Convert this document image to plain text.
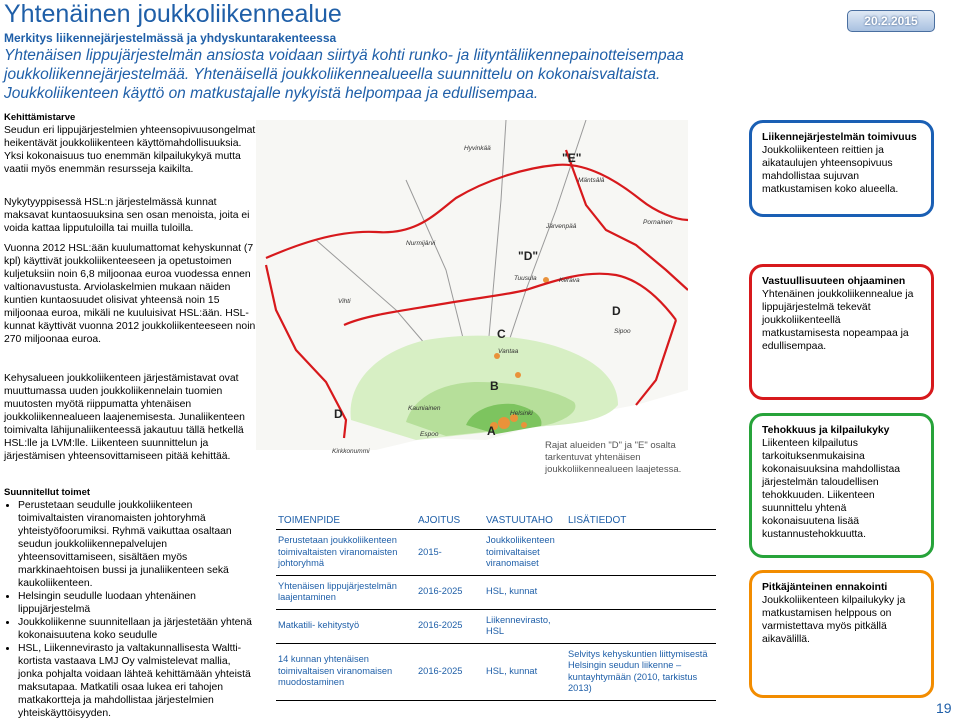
Yhtenäinen joukkoliikennealue
Merkitys liikennejärjestelmässä ja yhdyskuntarakenteessa
Yhtenäisen lippujärjestelmän ansiosta voidaan siirtyä kohti runko- ja liityntäliikennepainotteisempaa
joukkoliikennejärjestelmää. Yhtenäisellä joukkoliikennealueella suunnittelu on kokonaisvaltaista.
Joukkoliikenteen käyttö on matkustajalle nykyistä helpompaa ja edullisempaa.
20.2.2015

Kehittämistarve

Seudun eri lippujärjestelmien yhteensopivuusongelmat heikentävät joukkoliikenteen käyttömahdollisuuksia. Yksi kokonaisuus tuo enemmän kilpailukykyä mutta vaatii myös enemmän resursseja kaikilta.

Nykytyyppisessä HSL:n järjestelmässä kunnat maksavat kuntaosuuksina sen osan menoista, joita ei voida kattaa lipputuloilla tai muilla tuloilla.
Vuonna 2012 HSL:ään kuulumattomat kehyskunnat (7 kpl) käyttivät joukkoliikenteeseen ja opetustoimen kuljetuksiin noin 6,8 miljoonaa euroa vuodessa ennen valtionavustusta. Arviolaskelmien mukaan näiden kuntien kuntaosuudet olisivat yhteensä noin 15 miljoonaa euroa, mikäli ne kuuluisivat HSL:ään. HSL-kunnat käyttivät vuonna 2012 joukkoliikenteeseen noin 270 miljoonaa euroa.
Kehysalueen joukkoliikenteen järjestämistavat ovat muuttumassa uuden joukkoliikennelain tuomien muutosten myötä riippumatta yhtenäisen joukkoliikennealueen laajenemisesta. Junaliikenteen toimivalta lähijunaliikenteessä jakautuu tällä hetkellä HSL:lle ja LVM:lle. Liikenteen suunnittelun ja järjestämisen yhteensovittamiseen pitää kehittää.

Suunnitellut toimet

• Perustetaan seudulle joukkoliikenteen toimivaltaisten viranomaisten johtoryhmä yhteistyöfoorumiksi. Ryhmä vaikuttaa osaltaan seudun joukkoliikennepalvelujen yhteensovittamiseen, sisältäen myös markkinaehtoisen bussi ja junaliikenteen sekä kaukoliikenteen.
• Helsingin seudulle luodaan yhtenäinen lippujärjestelmä
• Joukkoliikenne suunnitellaan ja järjestetään yhtenä kokonaisuutena koko seudulle
• HSL, Liikennevirasto ja valtakunnallisesta Waltti-kortista vastaava LMJ Oy valmistelevat mallia, jonka pohjalta voidaan lähteä kehittämään yhteistä maksutapaa. Matkatili osaa lukea eri tahojen matkakortteja ja mahdollistaa järjestelmien yhteiskäyttöisyyden.
"E"
"D"
D
C
B
A
D
Hyvinkää
Mäntsälä
Nurmijärvi
Järvenpää
Pornainen
Tuusula	Kerava
Vihti
Sipoo
Vantaa
Kauniainen
Helsinki
Espoo
Kirkkonummi
Rajat alueiden "D" ja "E" osalta tarkentuvat yhtenäisen joukkoliikennealueen laajetessa.
Liikennejärjestelmän toimivuus
Joukkoliikenteen reittien ja aikataulujen yhteensopivuus mahdollistaa sujuvan matkustamisen koko alueella.
Vastuullisuuteen ohjaaminen
Yhtenäinen joukkoliikennealue ja lippujärjestelmä tekevät joukkoliikenteellä matkustamisesta nopeampaa ja edullisempaa.
Tehokkuus ja kilpailukyky
Liikenteen kilpailutus tarkoituksenmukaisina kokonaisuuksina mahdollistaa järjestelmän taloudellisen tehokkuuden. Liikenteen suunnittelu yhtenä kokonaisuutena lisää kustannustehokkuutta.
Pitkäjänteinen ennakointi
Joukkoliikenteen kilpailukyky ja matkustamisen helppous on varmistettava myös pitkällä aikavälillä.
TOIMENPIDE	AJOITUS	VASTUUTAHO	LISÄTIEDOT
Perustetaan joukkoliikenteen toimivaltaisten viranomaisten johtoryhmä	2015-	Joukkoliikenteen toimivaltaiset viranomaiset	
Yhtenäisen lippujärjestelmän laajentaminen	2016-2025	HSL, kunnat	
Matkatili- kehitystyö	2016-2025	Liikennevirasto, HSL	
14 kunnan yhtenäisen toimivaltaisen viranomaisen muodostaminen	2016-2025	HSL, kunnat	Selvitys kehyskuntien liittymisestä Helsingin seudun liikenne –kuntayhtymään (2010, tarkistus 2013)
19
